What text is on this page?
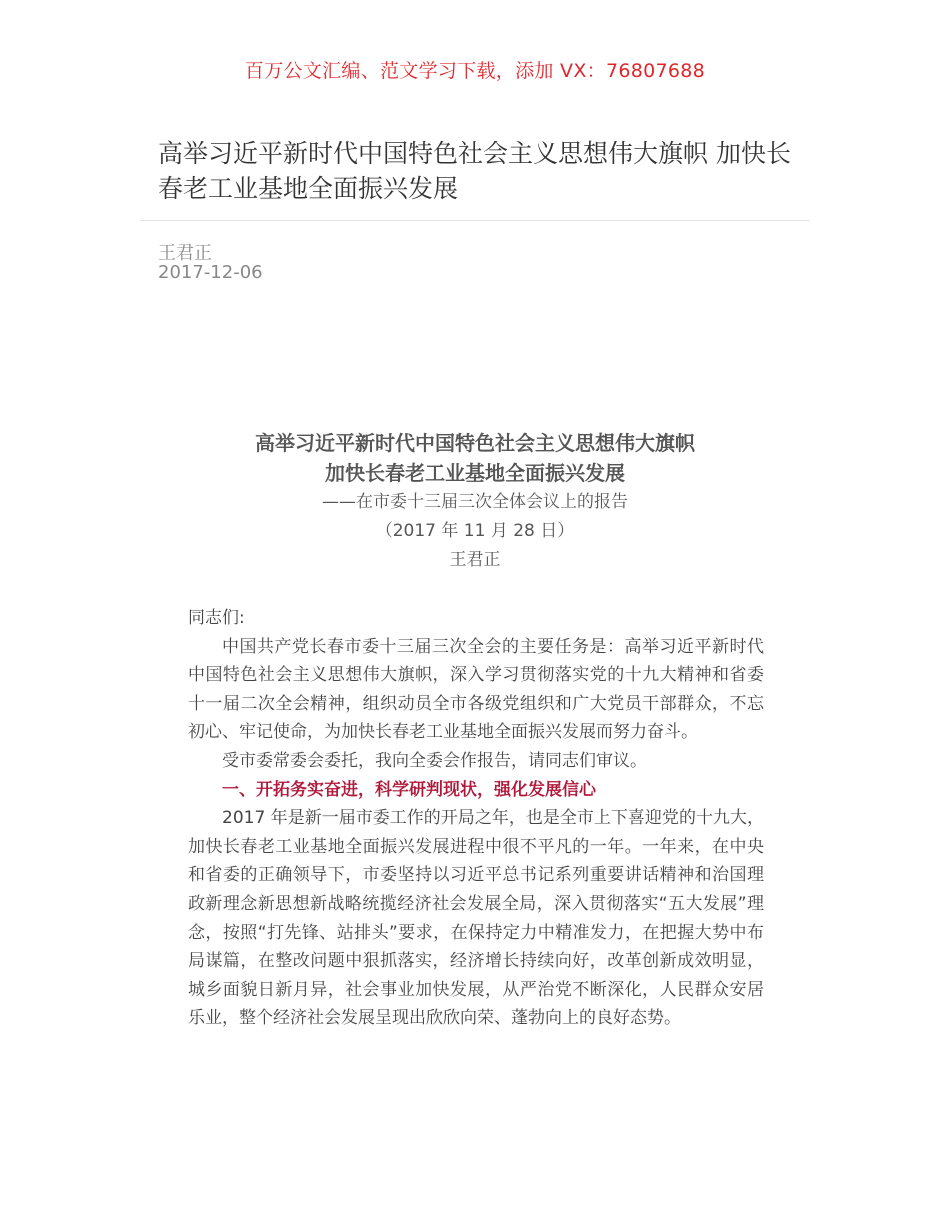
百万公文汇编、范文学习下载，添加 VX：76807688
高举习近平新时代中国特色社会主义思想伟大旗帜 加快长春老工业基地全面振兴发展
王君正
2017-12-06
高举习近平新时代中国特色社会主义思想伟大旗帜
加快长春老工业基地全面振兴发展
——在市委十三届三次全体会议上的报告
（2017 年 11 月 28 日）
王君正

同志们:

中国共产党长春市委十三届三次全会的主要任务是：高举习近平新时代中国特色社会主义思想伟大旗帜，深入学习贯彻落实党的十九大精神和省委十一届二次全会精神，组织动员全市各级党组织和广大党员干部群众，不忘初心、牢记使命，为加快长春老工业基地全面振兴发展而努力奋斗。

受市委常委会委托，我向全委会作报告，请同志们审议。

一、开拓务实奋进，科学研判现状，强化发展信心

2017 年是新一届市委工作的开局之年，也是全市上下喜迎党的十九大，加快长春老工业基地全面振兴发展进程中很不平凡的一年。一年来，在中央和省委的正确领导下，市委坚持以习近平总书记系列重要讲话精神和治国理政新理念新思想新战略统揽经济社会发展全局，深入贯彻落实“五大发展”理念，按照“打先锋、站排头”要求，在保持定力中精准发力，在把握大势中布局谋篇，在整改问题中狠抓落实，经济增长持续向好，改革创新成效明显，城乡面貌日新月异，社会事业加快发展，从严治党不断深化，人民群众安居乐业，整个经济社会发展呈现出欣欣向荣、蓬勃向上的良好态势。
